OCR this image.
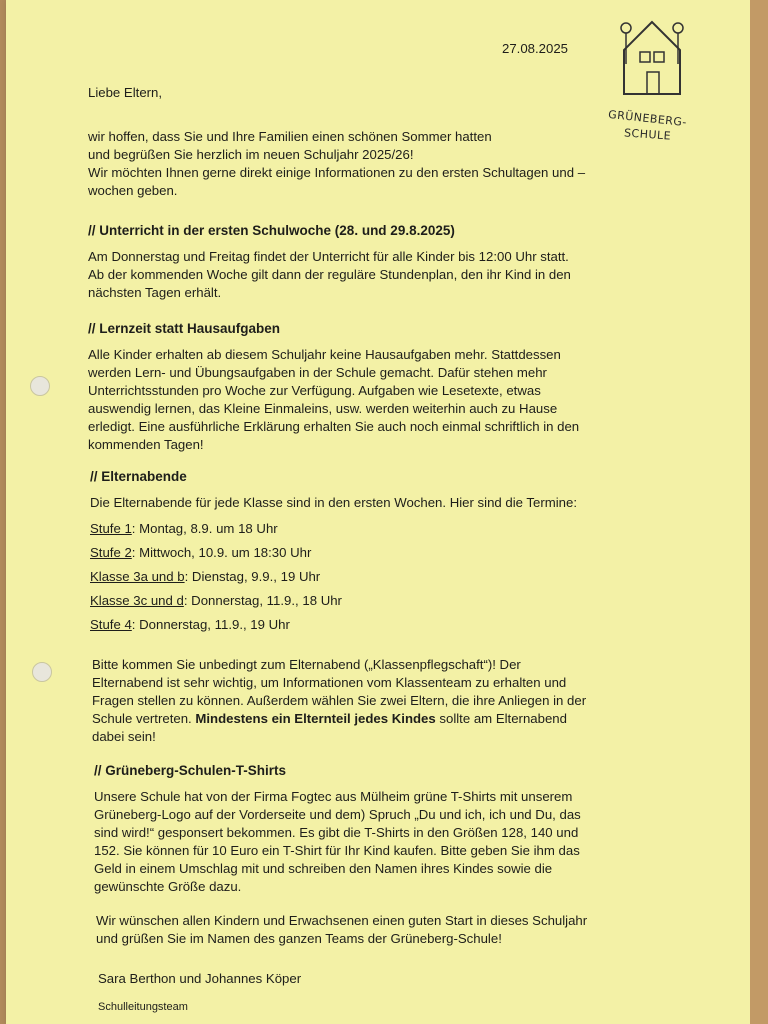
27.08.2025
GRÜNEBERG-
SCHULE
Liebe Eltern,
wir hoffen, dass Sie und Ihre Familien einen schönen Sommer hatten
und begrüßen Sie herzlich im neuen Schuljahr 2025/26!
Wir möchten Ihnen gerne direkt einige Informationen zu den ersten Schultagen und –
wochen geben.
// Unterricht in der ersten Schulwoche (28. und 29.8.2025)
Am Donnerstag und Freitag findet der Unterricht für alle Kinder bis 12:00 Uhr statt.
Ab der kommenden Woche gilt dann der reguläre Stundenplan, den ihr Kind in den
nächsten Tagen erhält.
// Lernzeit statt Hausaufgaben
Alle Kinder erhalten ab diesem Schuljahr keine Hausaufgaben mehr. Stattdessen
werden Lern- und Übungsaufgaben in der Schule gemacht. Dafür stehen mehr
Unterrichtsstunden pro Woche zur Verfügung. Aufgaben wie Lesetexte, etwas
auswendig lernen, das Kleine Einmaleins, usw. werden weiterhin auch zu Hause
erledigt. Eine ausführliche Erklärung erhalten Sie auch noch einmal schriftlich in den
kommenden Tagen!
// Elternabende
Die Elternabende für jede Klasse sind in den ersten Wochen. Hier sind die Termine:
Stufe 1: Montag, 8.9. um 18 Uhr
Stufe 2: Mittwoch, 10.9. um 18:30 Uhr
Klasse 3a und b: Dienstag, 9.9., 19 Uhr
Klasse 3c und d: Donnerstag, 11.9., 18 Uhr
Stufe 4: Donnerstag, 11.9., 19 Uhr
Bitte kommen Sie unbedingt zum Elternabend („Klassenpflegschaft“)! Der
Elternabend ist sehr wichtig, um Informationen vom Klassenteam zu erhalten und
Fragen stellen zu können. Außerdem wählen Sie zwei Eltern, die ihre Anliegen in der
Schule vertreten. Mindestens ein Elternteil jedes Kindes sollte am Elternabend
dabei sein!
// Grüneberg-Schulen-T-Shirts
Unsere Schule hat von der Firma Fogtec aus Mülheim grüne T-Shirts mit unserem
Grüneberg-Logo auf der Vorderseite und dem) Spruch „Du und ich, ich und Du, das
sind wird!“ gesponsert bekommen. Es gibt die T-Shirts in den Größen 128, 140 und
152. Sie können für 10 Euro ein T-Shirt für Ihr Kind kaufen. Bitte geben Sie ihm das
Geld in einem Umschlag mit und schreiben den Namen ihres Kindes sowie die
gewünschte Größe dazu.
Wir wünschen allen Kindern und Erwachsenen einen guten Start in dieses Schuljahr
und grüßen Sie im Namen des ganzen Teams der Grüneberg-Schule!
Sara Berthon und Johannes Köper
Schulleitungsteam
